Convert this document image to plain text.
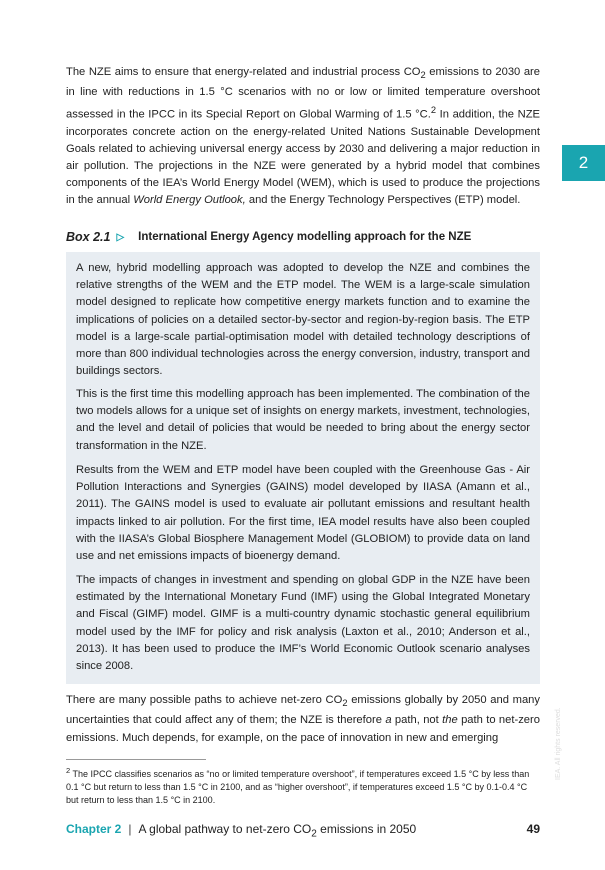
The NZE aims to ensure that energy-related and industrial process $CO_2$ emissions to 2030 are in line with reductions in 1.5 °C scenarios with no or low or limited temperature overshoot assessed in the IPCC in its Special Report on Global Warming of 1.5 °C.$^2$ In addition, the NZE incorporates concrete action on the energy-related United Nations Sustainable Development Goals related to achieving universal energy access by 2030 and delivering a major reduction in air pollution. The projections in the NZE were generated by a hybrid model that combines components of the IEA’s World Energy Model (WEM), which is used to produce the projections in the annual World Energy Outlook, and the Energy Technology Perspectives (ETP) model.

2
Box 2.1 ▷ International Energy Agency modelling approach for the NZE

A new, hybrid modelling approach was adopted to develop the NZE and combines the relative strengths of the WEM and the ETP model. The WEM is a large-scale simulation model designed to replicate how competitive energy markets function and to examine the implications of policies on a detailed sector-by-sector and region-by-region basis. The ETP model is a large-scale partial-optimisation model with detailed technology descriptions of more than 800 individual technologies across the energy conversion, industry, transport and buildings sectors.

This is the first time this modelling approach has been implemented. The combination of the two models allows for a unique set of insights on energy markets, investment, technologies, and the level and detail of policies that would be needed to bring about the energy sector transformation in the NZE.

Results from the WEM and ETP model have been coupled with the Greenhouse Gas - Air Pollution Interactions and Synergies (GAINS) model developed by IIASA (Amann et al., 2011). The GAINS model is used to evaluate air pollutant emissions and resultant health impacts linked to air pollution. For the first time, IEA model results have also been coupled with the IIASA’s Global Biosphere Management Model (GLOBIOM) to provide data on land use and net emissions impacts of bioenergy demand.

The impacts of changes in investment and spending on global GDP in the NZE have been estimated by the International Monetary Fund (IMF) using the Global Integrated Monetary and Fiscal (GIMF) model. GIMF is a multi-country dynamic stochastic general equilibrium model used by the IMF for policy and risk analysis (Laxton et al., 2010; Anderson et al., 2013). It has been used to produce the IMF’s World Economic Outlook scenario analyses since 2008.

There are many possible paths to achieve net-zero $CO_2$ emissions globally by 2050 and many uncertainties that could affect any of them; the NZE is therefore a path, not the path to net-zero emissions. Much depends, for example, on the pace of innovation in new and emerging

$^2$ The IPCC classifies scenarios as “no or limited temperature overshoot”, if temperatures exceed 1.5 °C by less than 0.1 °C but return to less than 1.5 °C in 2100, and as “higher overshoot”, if temperatures exceed 1.5 °C by 0.1-0.4 °C but return to less than 1.5 °C in 2100.

Chapter 2 | A global pathway to net-zero $CO_2$ emissions in 2050	49
IEA. All rights reserved.
